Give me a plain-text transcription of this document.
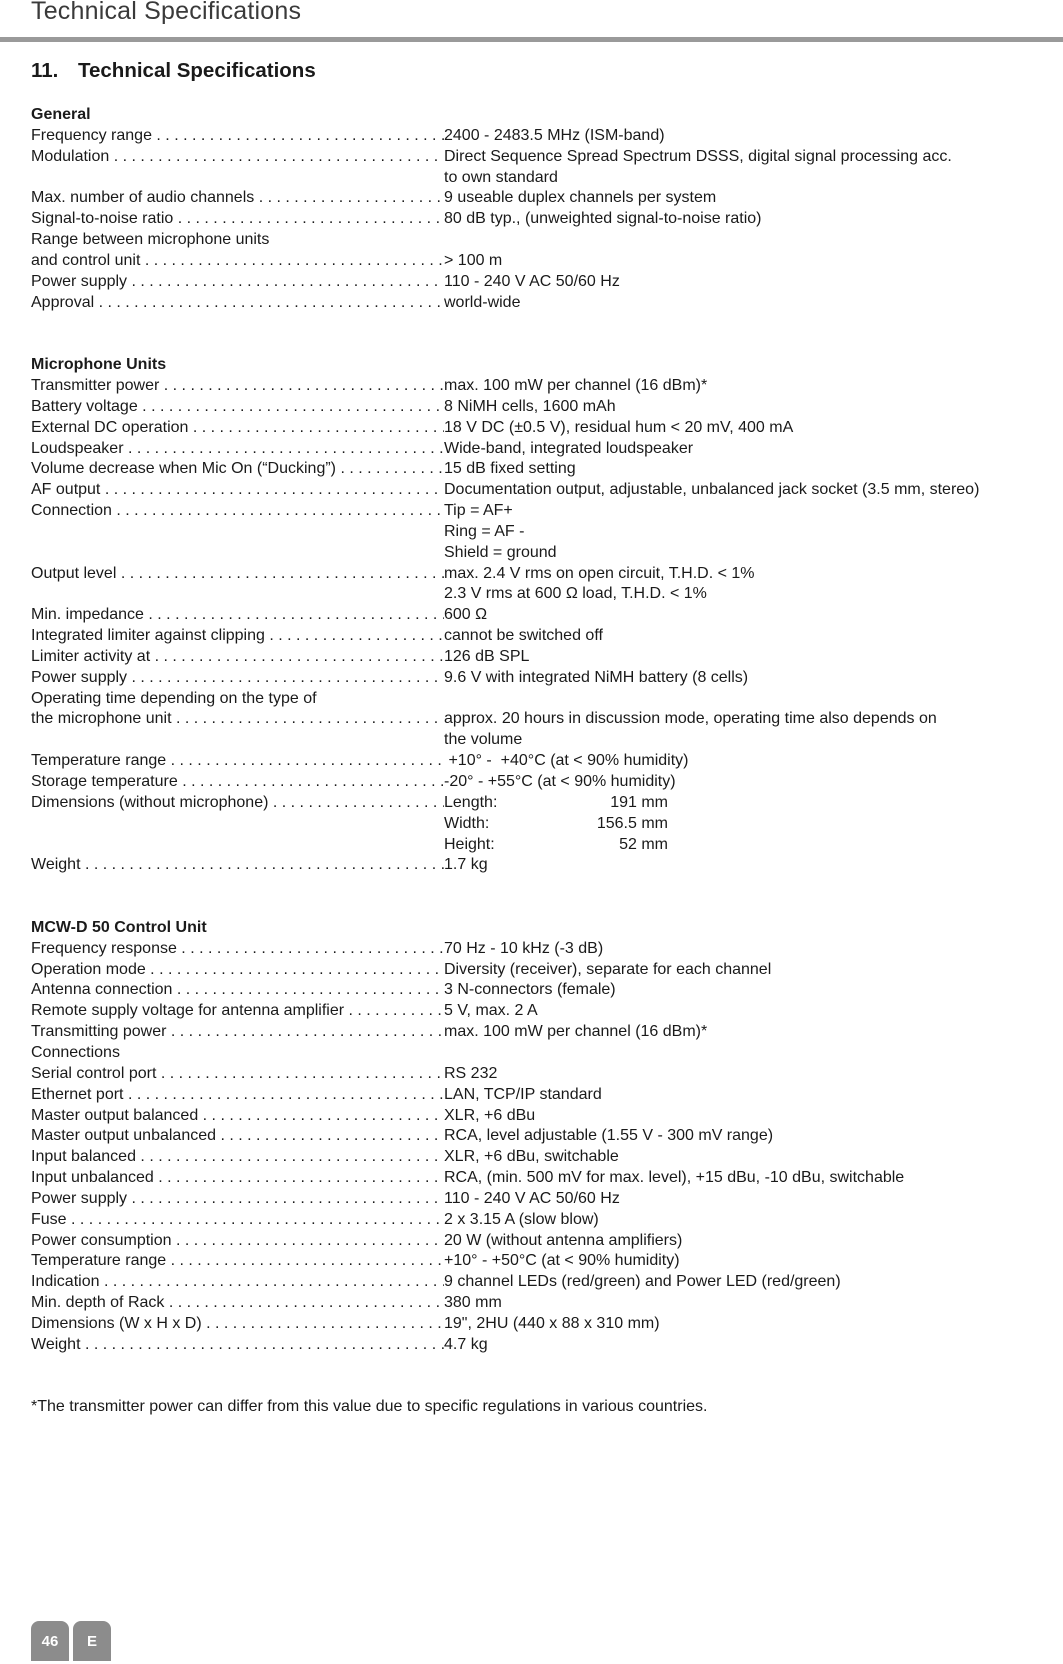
Technical Specifications
11. Technical Specifications
General
Frequency range . . .	2400 - 2483.5 MHz (ISM-band)
Modulation . . .	Direct Sequence Spread Spectrum DSSS, digital signal processing acc.
to own standard
Max. number of audio channels . . .	9 useable duplex channels per system
Signal-to-noise ratio . . .	80 dB typ., (unweighted signal-to-noise ratio)
Range between microphone units
and control unit . . .	> 100 m
Power supply . . .	110 - 240 V AC 50/60 Hz
Approval . . .	world-wide
Microphone Units
Transmitter power . . .	max. 100 mW per channel (16 dBm)*
Battery voltage . . .	8 NiMH cells, 1600 mAh
External DC operation . . .	18 V DC (±0.5 V), residual hum < 20 mV, 400 mA
Loudspeaker . . .	Wide-band, integrated loudspeaker
Volume decrease when Mic On (“Ducking”) . . .	15 dB fixed setting
AF output . . .	Documentation output, adjustable, unbalanced jack socket (3.5 mm, stereo)
Connection . . .	Tip = AF+
Ring = AF -
Shield = ground
Output level . . .	max. 2.4 V rms on open circuit, T.H.D. < 1%
2.3 V rms at 600 Ω load, T.H.D. < 1%
Min. impedance . . .	600 Ω
Integrated limiter against clipping . . .	cannot be switched off
Limiter activity at . . .	126 dB SPL
Power supply . . .	9.6 V with integrated NiMH battery (8 cells)
Operating time depending on the type of
the microphone unit . . .	approx. 20 hours in discussion mode, operating time also depends on
the volume
Temperature range . . .	+10° -  +40°C (at < 90% humidity)
Storage temperature . . .	-20° - +55°C (at < 90% humidity)
Dimensions (without microphone) . . .	Length:	191 mm
Width:	156.5 mm
Height:	52 mm
Weight . . .	1.7 kg
MCW-D 50 Control Unit
Frequency response . . .	70 Hz - 10 kHz (-3 dB)
Operation mode . . .	Diversity (receiver), separate for each channel
Antenna connection . . .	3 N-connectors (female)
Remote supply voltage for antenna amplifier . . .	5 V, max. 2 A
Transmitting power . . .	max. 100 mW per channel (16 dBm)*
Connections
Serial control port . . .	RS 232
Ethernet port . . .	LAN, TCP/IP standard
Master output balanced . . .	XLR, +6 dBu
Master output unbalanced . . .	RCA, level adjustable (1.55 V - 300 mV range)
Input balanced . . .	XLR, +6 dBu, switchable
Input unbalanced . . .	RCA, (min. 500 mV for max. level), +15 dBu, -10 dBu, switchable
Power supply . . .	110 - 240 V AC 50/60 Hz
Fuse . . .	2 x 3.15 A (slow blow)
Power consumption . . .	20 W (without antenna amplifiers)
Temperature range . . .	+10° - +50°C (at < 90% humidity)
Indication . . .	9 channel LEDs (red/green) and Power LED (red/green)
Min. depth of Rack . . .	380 mm
Dimensions (W x H x D) . . .	19", 2HU (440 x 88 x 310 mm)
Weight . . .	4.7 kg
*The transmitter power can differ from this value due to specific regulations in various countries.
46	E
